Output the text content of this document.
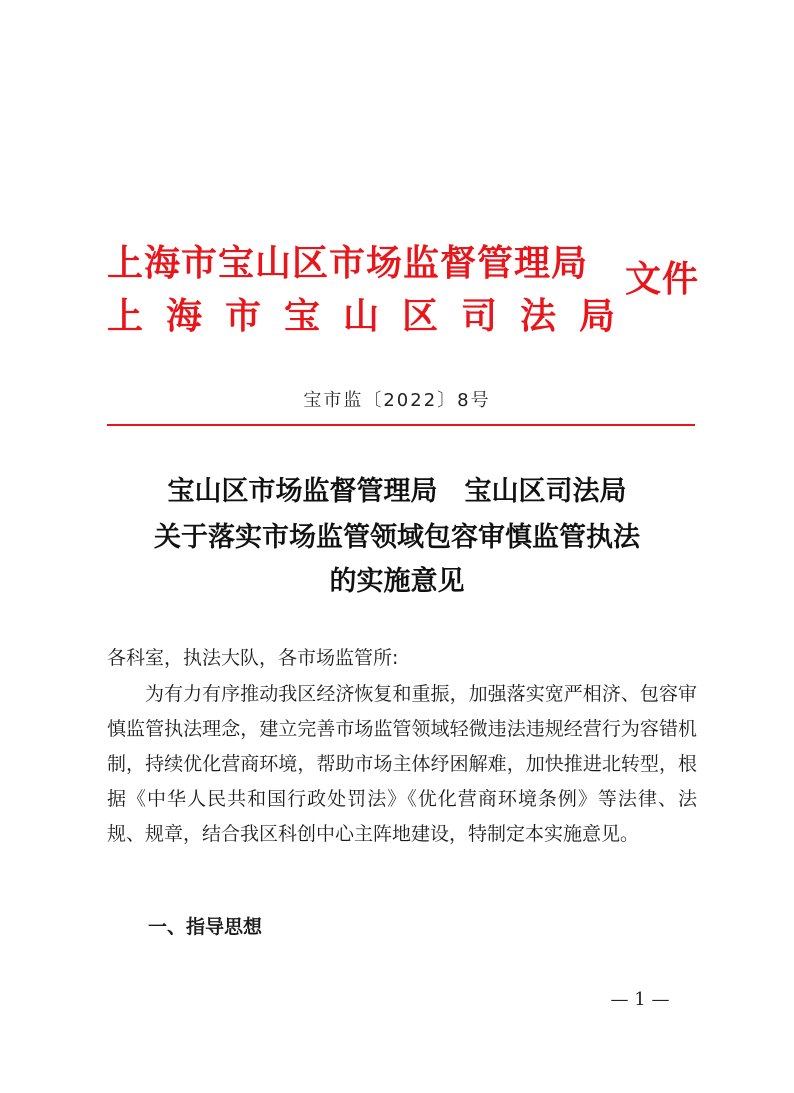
上海市宝山区市场监督管理局
上海市宝山区司法局
文件
宝市监〔2022〕8号
宝山区市场监督管理局　宝山区司法局
关于落实市场监管领域包容审慎监管执法
的实施意见
各科室，执法大队，各市场监管所:
为有力有序推动我区经济恢复和重振，加强落实宽严相济、包容审慎监管执法理念，建立完善市场监管领域轻微违法违规经营行为容错机制，持续优化营商环境，帮助市场主体纾困解难，加快推进北转型，根据《中华人民共和国行政处罚法》《优化营商环境条例》等法律、法规、规章，结合我区科创中心主阵地建设，特制定本实施意见。
一、指导思想
— 1 —
